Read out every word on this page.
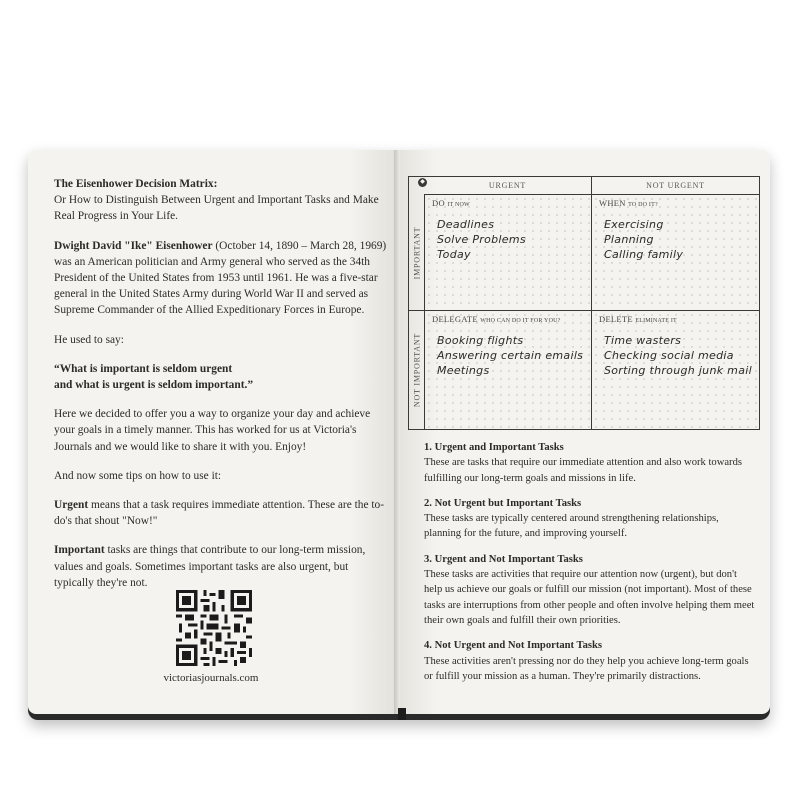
The Eisenhower Decision Matrix:
Or How to Distinguish Between Urgent and Important Tasks and Make Real Progress in Your Life.

Dwight David "Ike" Eisenhower (October 14, 1890 – March 28, 1969) was an American politician and Army general who served as the 34th President of the United States from 1953 until 1961. He was a five-star general in the United States Army during World War II and served as Supreme Commander of the Allied Expeditionary Forces in Europe.

He used to say:

“What is important is seldom urgent
and what is urgent is seldom important.”

Here we decided to offer you a way to organize your day and achieve your goals in a timely manner. This has worked for us at Victoria's Journals and we would like to share it with you. Enjoy!

And now some tips on how to use it:

Urgent means that a task requires immediate attention. These are the to-do's that shout "Now!"

Important tasks are things that contribute to our long-term mission, values and goals. Sometimes important tasks are also urgent, but typically they're not.

victoriasjournals.com
◆	URGENT	NOT URGENT
IMPORTANT
NOT IMPORTANT
DO IT NOW
Deadlines
Solve Problems
Today
WHEN TO DO IT?
Exercising
Planning
Calling family
DELEGATE WHO CAN DO IT FOR YOU?
Booking flights
Answering certain emails
Meetings
DELETE ELIMINATE IT
Time wasters
Checking social media
Sorting through junk mail
1. Urgent and Important Tasks
These are tasks that require our immediate attention and also work towards fulfilling our long-term goals and missions in life.
2. Not Urgent but Important Tasks
These tasks are typically centered around strengthening relationships, planning for the future, and improving yourself.
3. Urgent and Not Important Tasks
These tasks are activities that require our attention now (urgent), but don't help us achieve our goals or fulfill our mission (not important). Most of these tasks are interruptions from other people and often involve helping them meet their own goals and fulfill their own priorities.
4. Not Urgent and Not Important Tasks
These activities aren't pressing nor do they help you achieve long-term goals or fulfill your mission as a human. They're primarily distractions.
